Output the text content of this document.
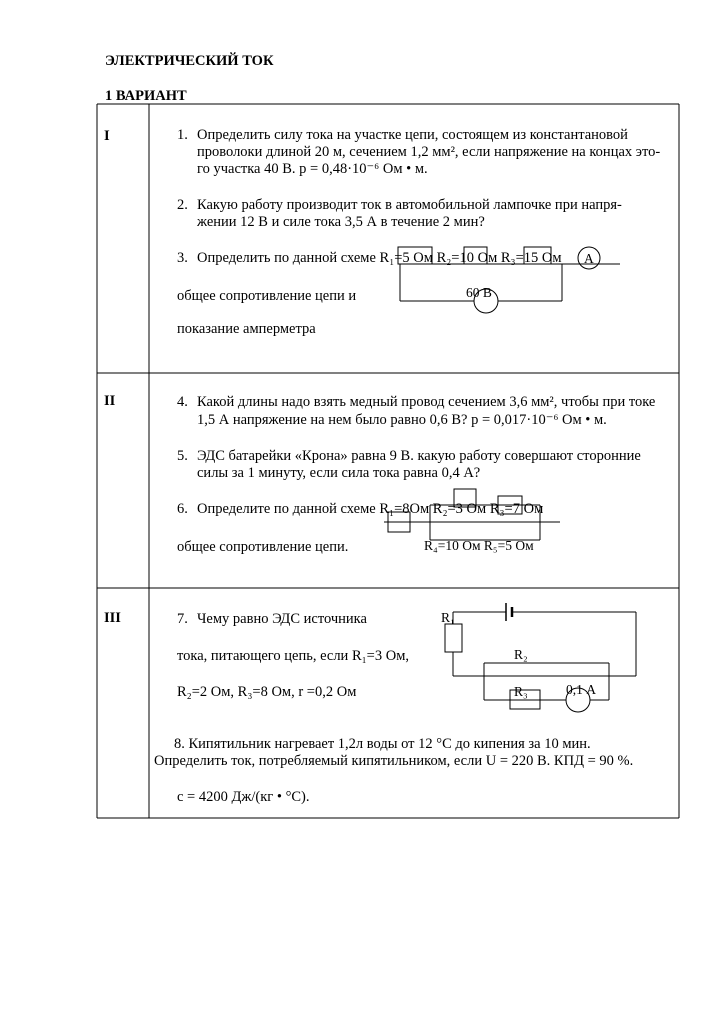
ЭЛЕКТРИЧЕСКИЙ ТОК
1 ВАРИАНТ
I	1. Определить силу тока на участке цепи, состоящем из константановой
проволоки длиной 20 м, сечением 1,2 мм², если напряжение на концах это-
го участка 40 В. p = 0,48·10⁻⁶ Ом • м.
2. Какую работу производит ток в автомобильной лампочке при напря-
жении 12 В и силе тока 3,5 А в течение 2 мин?
3. Определить по данной схеме R₁=5 Ом R₂=10 Ом R₃=15 Ом
общее сопротивление цепи и
показание амперметра
60 В
А
II	4. Какой длины надо взять медный провод сечением 3,6 мм², чтобы при токе
1,5 А напряжение на нем было равно 0,6 В? p = 0,017·10⁻⁶ Ом • м.
5. ЭДС батарейки «Крона» равна 9 В. какую работу совершают сторонние
силы за 1 минуту, если сила тока равна 0,4 А?
6. Определите по данной схеме R₁=8Ом R₂=3 Ом R₃=7 Ом
общее сопротивление цепи.	R₄=10 Ом R₅=5 Ом
III	7. Чему равно ЭДС источника
тока, питающего цепь, если R₁=3 Ом,
R₂=2 Ом, R₃=8 Ом, r =0,2 Ом
R₁
R₂
R₃	0,1 А
8. Кипятильник нагревает 1,2л воды от 12 °С до кипения за 10 мин.
Определить ток, потребляемый кипятильником, если U = 220 В. КПД = 90 %.
c = 4200 Дж/(кг • °С).
